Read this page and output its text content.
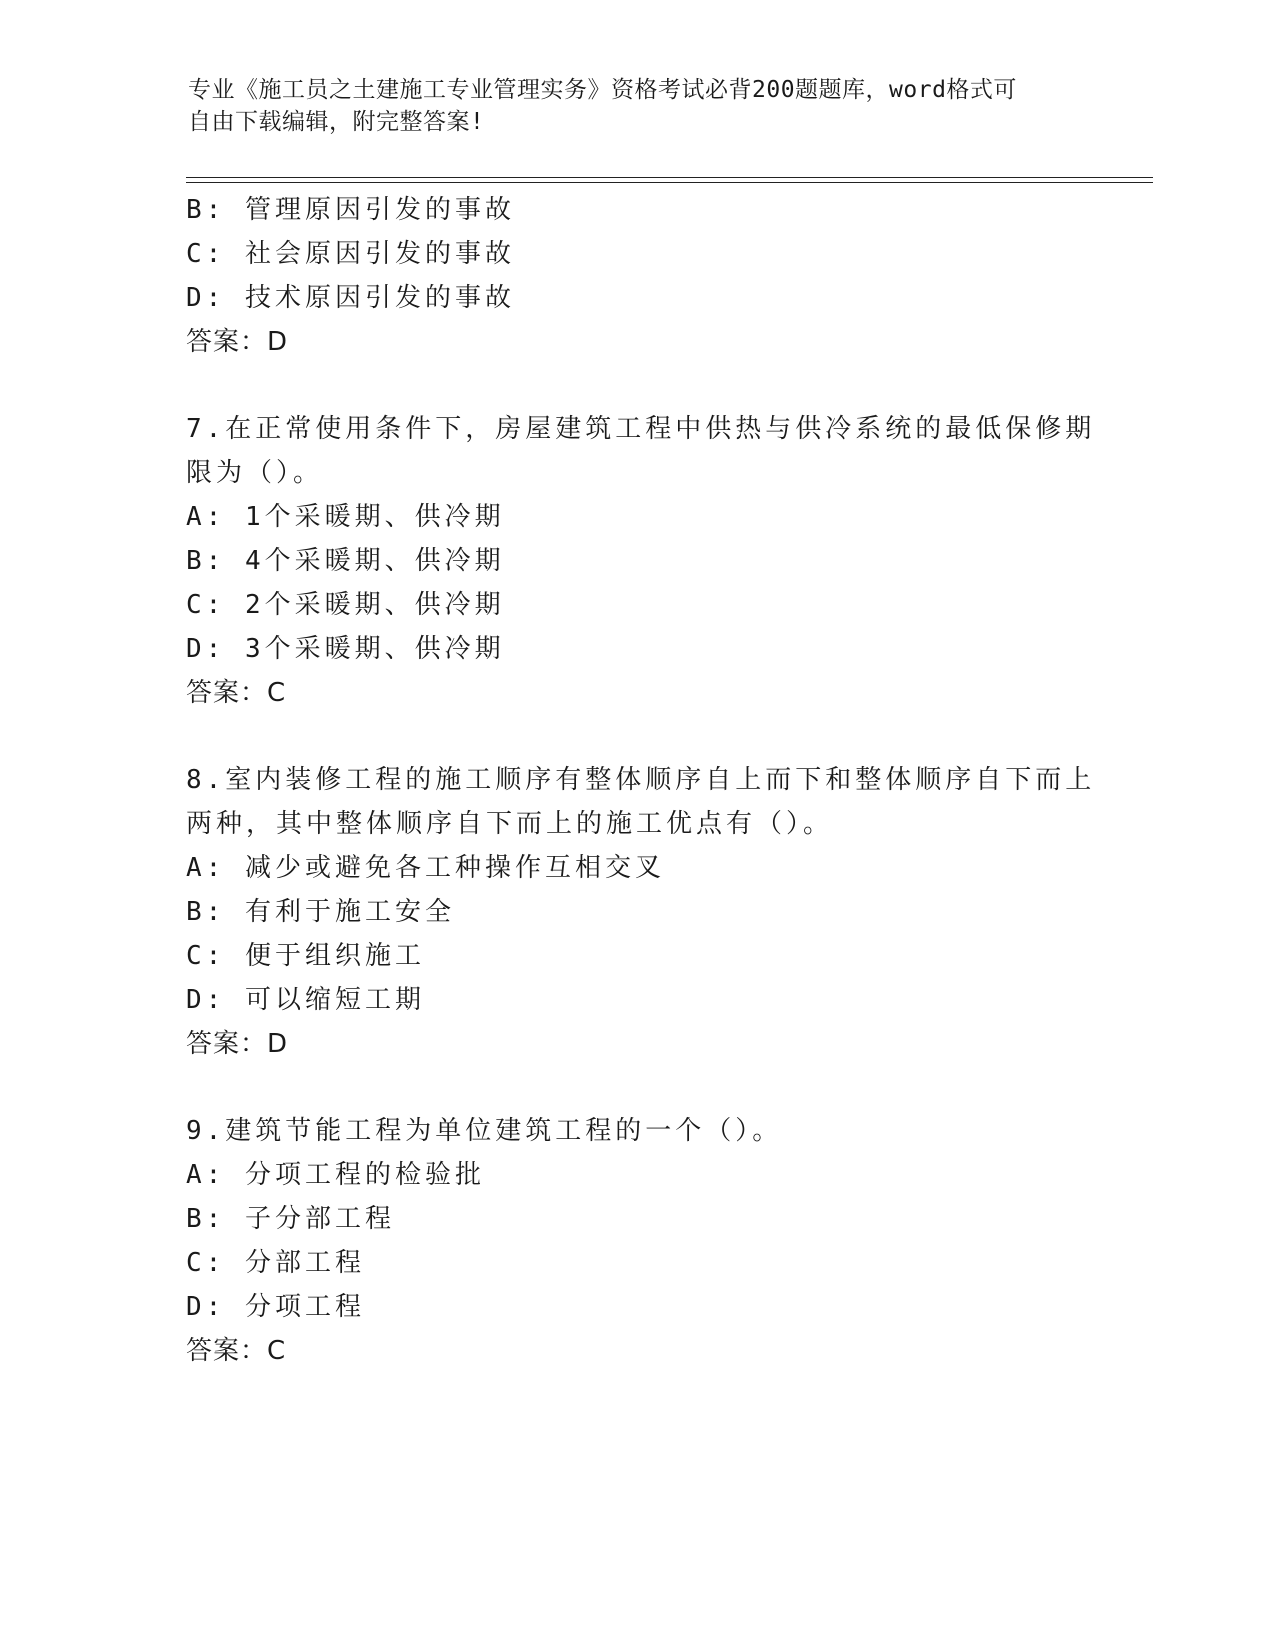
专业《施工员之土建施工专业管理实务》资格考试必背200题题库，word格式可
自由下载编辑，附完整答案!
B: 管理原因引发的事故
C: 社会原因引发的事故
D: 技术原因引发的事故
答案：D
7.在正常使用条件下，房屋建筑工程中供热与供冷系统的最低保修期
限为（）。
A: 1个采暖期、供冷期
B: 4个采暖期、供冷期
C: 2个采暖期、供冷期
D: 3个采暖期、供冷期
答案：C
8.室内装修工程的施工顺序有整体顺序自上而下和整体顺序自下而上
两种，其中整体顺序自下而上的施工优点有（）。
A: 减少或避免各工种操作互相交叉
B: 有利于施工安全
C: 便于组织施工
D: 可以缩短工期
答案：D
9.建筑节能工程为单位建筑工程的一个（）。
A: 分项工程的检验批
B: 子分部工程
C: 分部工程
D: 分项工程
答案：C
